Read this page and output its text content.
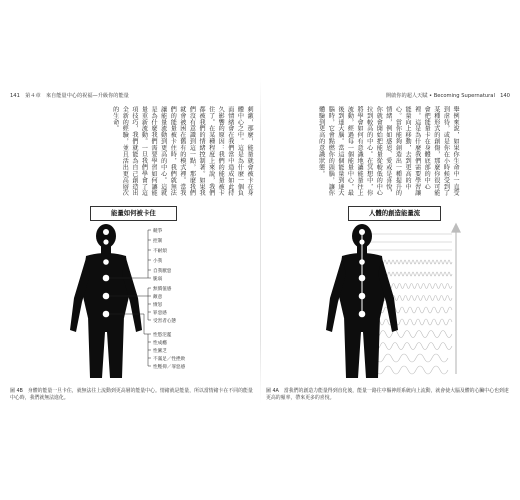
141　第４章　來自能量中心的祝福—升級你的能量
刺激，那麼，能量就會被卡在身體中心之中。這是為什麼一個負面情緒會在我們當中造成如此持久影響的原因：我們的能量被卡住了。在某種程度上來說，我們都被我們的情緒控制著。如果我們沒有意識到這一點，那麼我們就會被困在舊有的模式裡。當我們的能量被卡住時，我們就無法讓能量流動到更高的中心。這就是為什麼我們需要學習如何讓能量重新流動。一旦我們學會了這項技巧，我們就能為自己創造出全新的經驗，並且活出更高層次的生命。
能量如何被卡住
競爭
控制
不耐煩
小我
自我厭惡
脆弱
無價值感
敵意
憤怒
罪惡感
受害者心態
性慾氾濫
性成癮
性匱乏
不滿足／性挫敗
性壓抑／罪惡感
圖 4B　身體的能量一旦卡住，就無法往上流動到更高層的能量中心。情緒就是能量，所以當情緒卡在不同的能量中心時，我們就無法進化。
開啟你的超人天賦 • Becoming Supernatural　140
舉例來說，如果你生命中一直受到虐待，或是你在小時候受到了某種形式的創傷，那麼你很可能會把能量卡在身體底部的中心裡。這是為什麼我們需要學習讓能量向上移動，去到更高的中心。當你能夠創造出一種提升的情緒，例如感恩、愛或是喜悅，你就會開始把能量從較低的中心拉到較高的中心。在冥想中，你將學會如何有意識地讓能量往上流動，經過每一個能量中心，最後到達大腦。當這個能量到達大腦時，它會點燃你的頭腦，讓你體驗到更高的意識狀態。
人體的創造能量流
圖 4A　當我們的創造力能量得到直化後，能量一路往中樞神經系統向上流動，就會使大腦及體的心臟中心也到達更高的頻率，帶來更多的喜悅。
